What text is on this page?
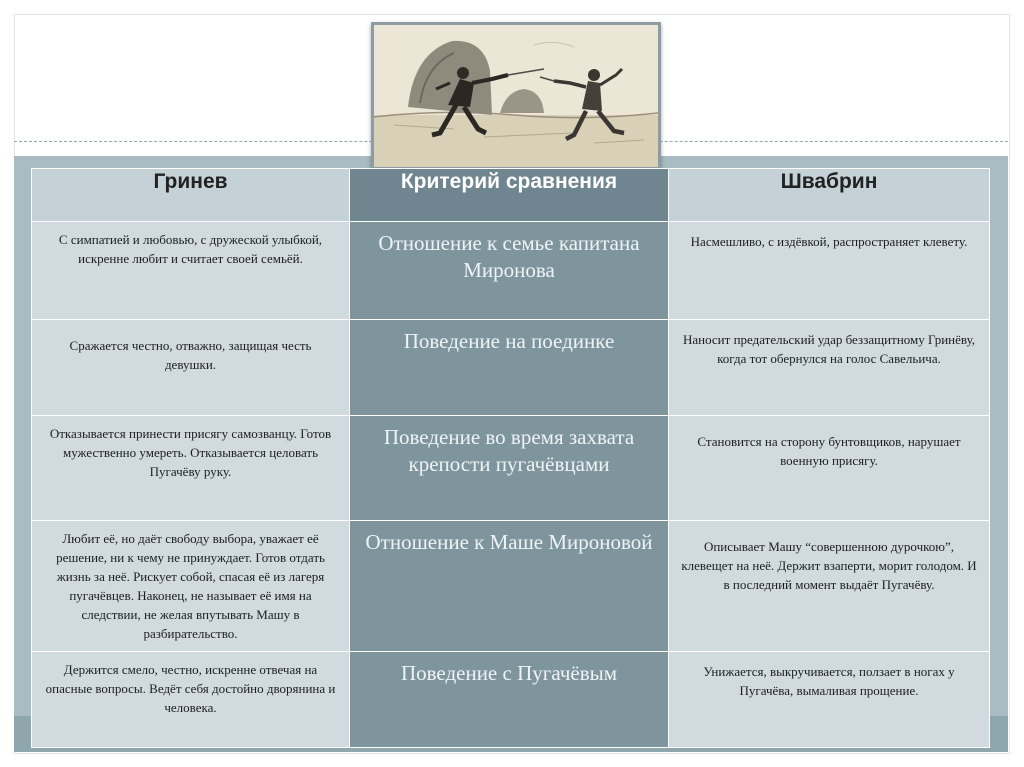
Гринев	Критерий сравнения	Швабрин
С симпатией и любовью, с дружеской улыбкой, искренне любит и считает своей семьёй.	Отношение к семье капитана Миронова	Насмешливо, с издёвкой, распространяет клевету.
Сражается честно, отважно, защищая честь девушки.	Поведение на поединке	Наносит предательский удар беззащитному Гринёву, когда тот обернулся на голос Савельича.
Отказывается принести присягу самозванцу. Готов мужественно умереть. Отказывается целовать Пугачёву руку.	Поведение во время захвата крепости пугачёвцами	Становится на сторону бунтовщиков, нарушает военную присягу.
Любит её, но даёт свободу выбора, уважает её решение, ни к чему не принуждает. Готов отдать жизнь за неё. Рискует собой, спасая её из лагеря пугачёвцев. Наконец, не называет её имя на следствии, не желая впутывать Машу в разбирательство.	Отношение к Маше Мироновой	Описывает Машу “совершенною дурочкою”, клевещет на неё. Держит взаперти, морит голодом. И в последний момент выдаёт Пугачёву.
Держится смело, честно, искренне отвечая на опасные вопросы. Ведёт себя достойно дворянина и человека.	Поведение с Пугачёвым	Унижается, выкручивается, ползает в ногах у Пугачёва, вымаливая прощение.
